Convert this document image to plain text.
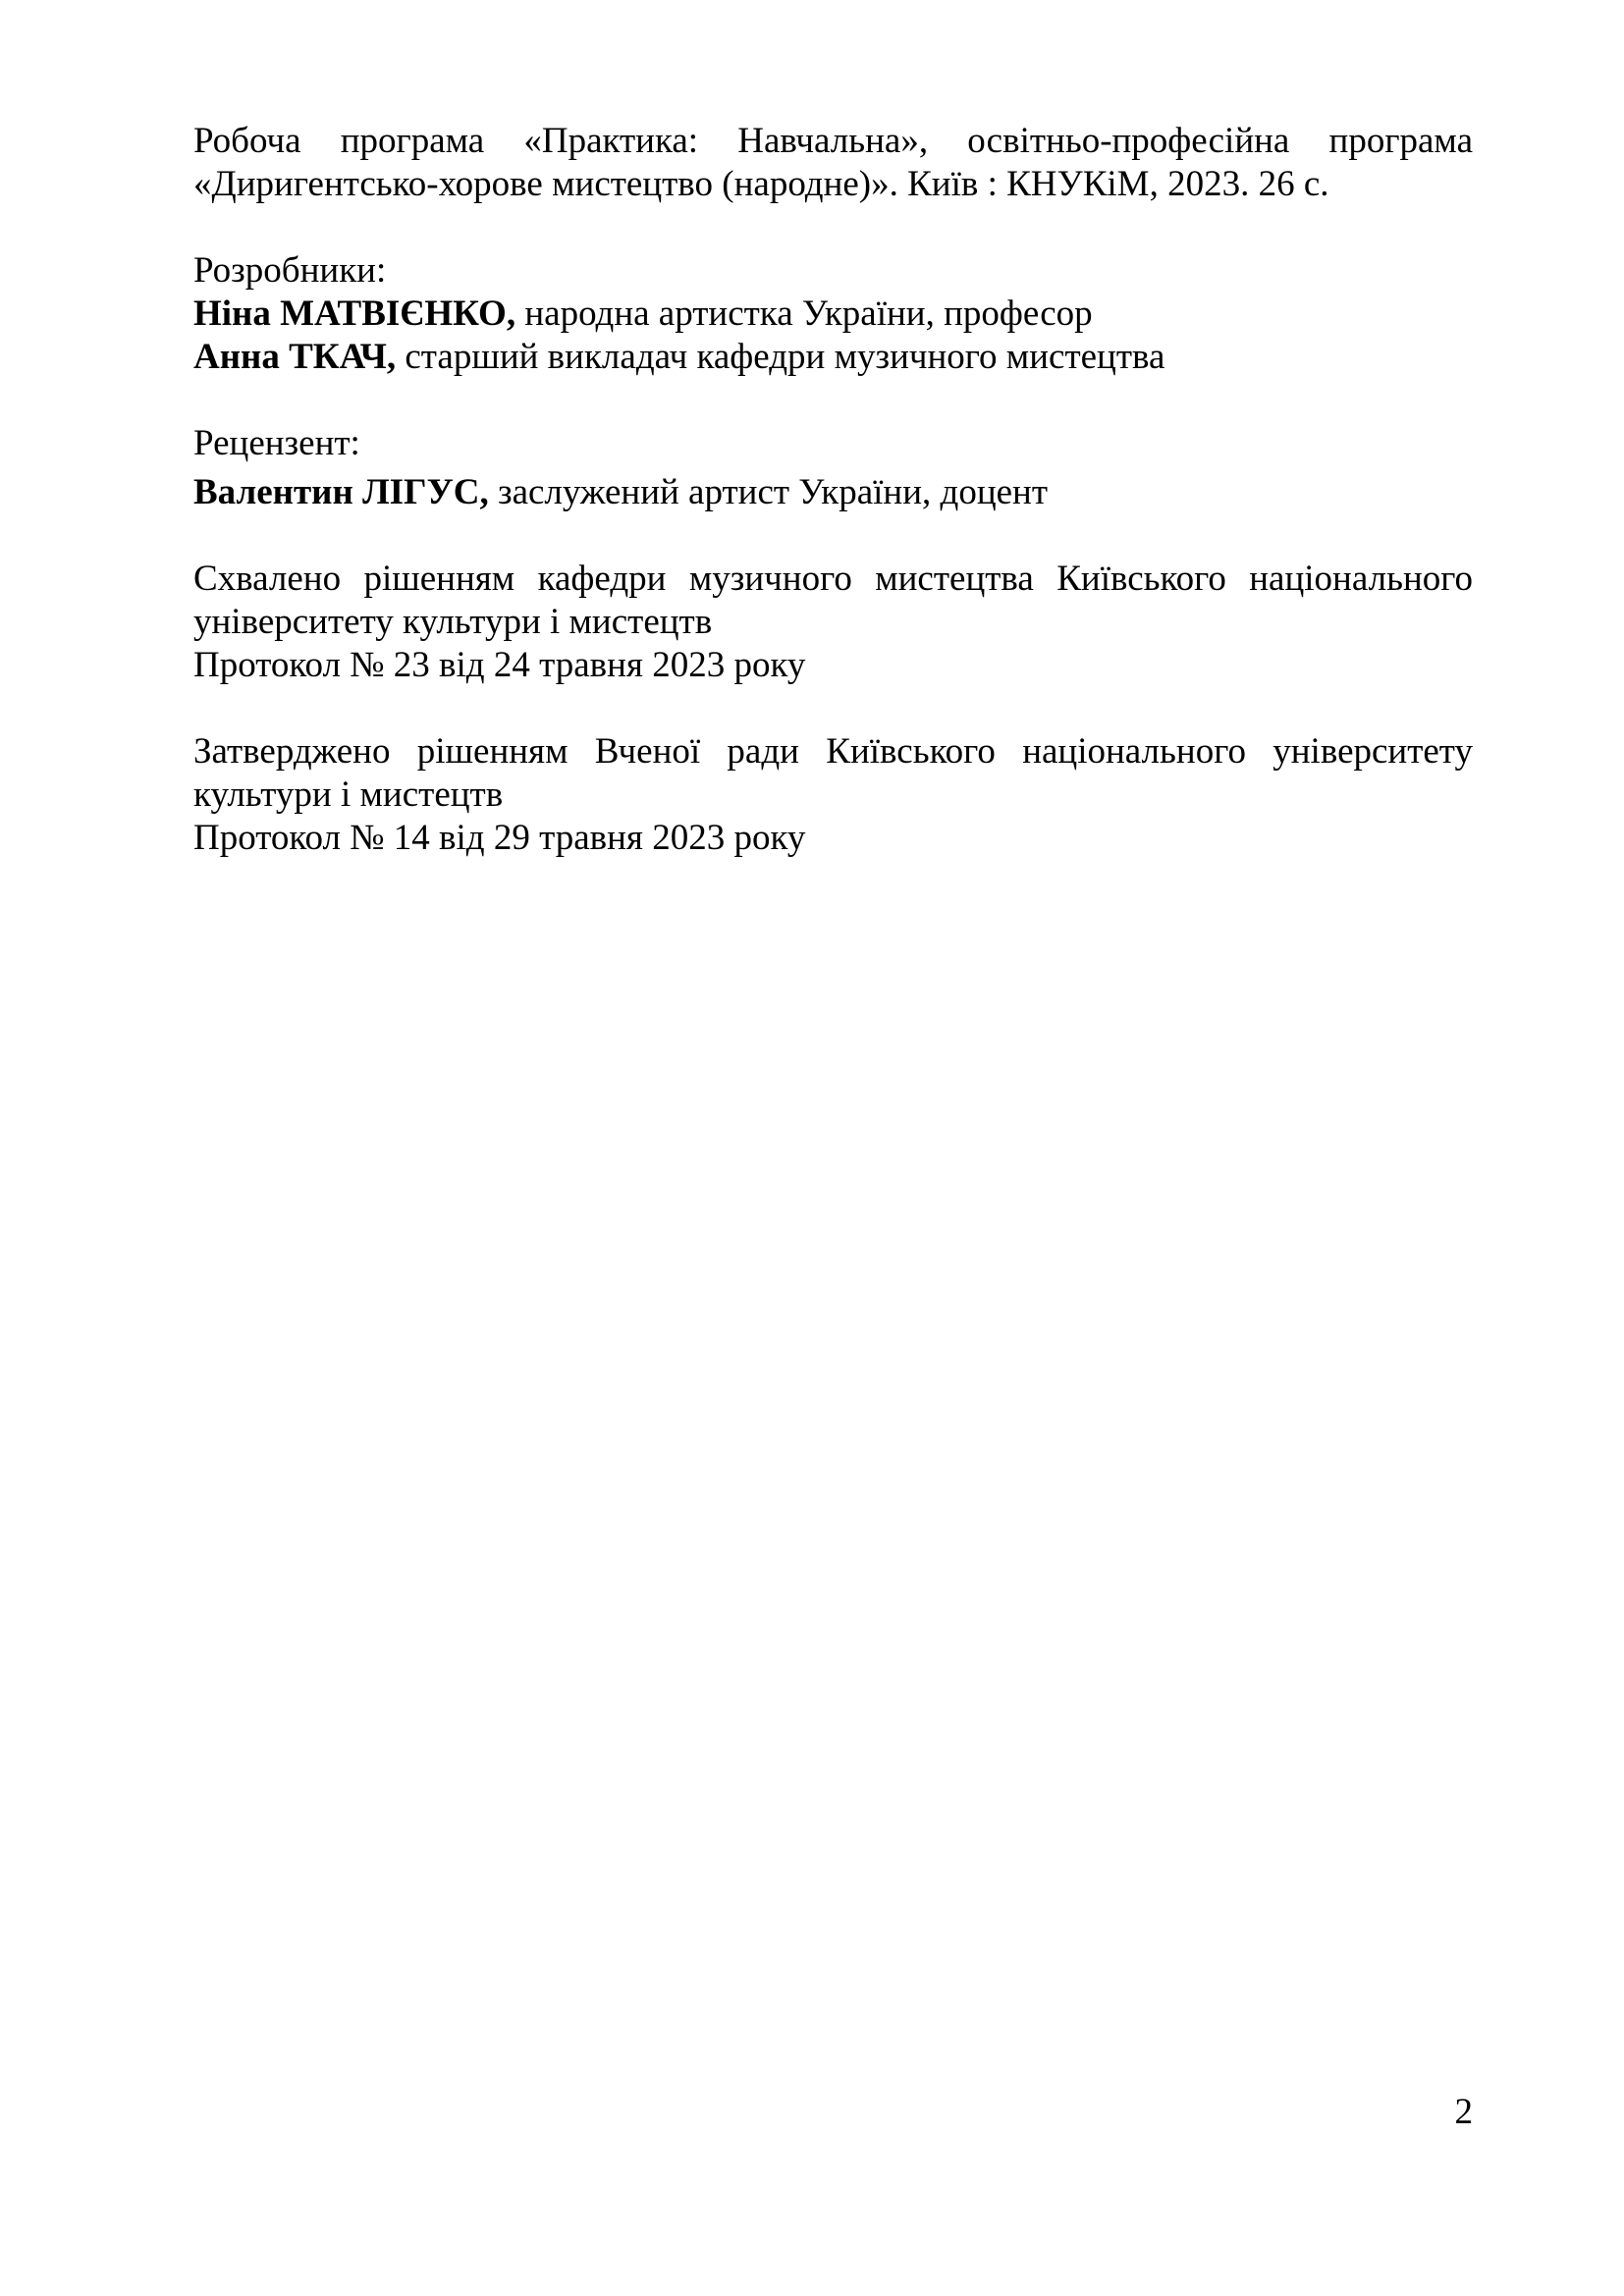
Робоча програма «Практика: Навчальна», освітньо-професійна програма

«Диригентсько-хорове мистецтво (народне)». Київ : КНУКіМ, 2023. 26 с.

Розробники:
Ніна МАТВІЄНКО, народна артистка України, професор
Анна ТКАЧ, старший викладач кафедри музичного мистецтва
Рецензент:
Валентин ЛІГУС, заслужений артист України, доцент

Схвалено рішенням кафедри музичного мистецтва Київського національного

університету культури і мистецтв

Протокол № 23 від 24 травня 2023 року

Затверджено рішенням Вченої ради Київського національного університету

культури і мистецтв

Протокол № 14 від 29 травня 2023 року

2
